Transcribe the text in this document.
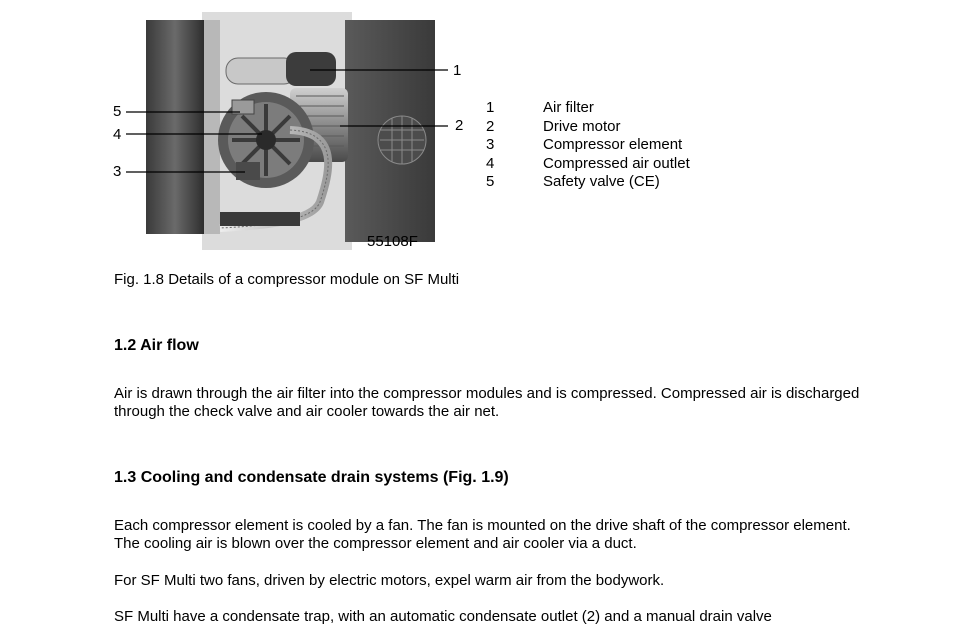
1
2
3
4
5
55108F
1	Air filter
2	Drive motor
3	Compressor element
4	Compressed air outlet
5	Safety valve (CE)
Fig. 1.8 Details of a compressor module on SF Multi
1.2 Air flow
Air is drawn through the air filter into the compressor modules and is compressed. Compressed air is discharged through the check valve and air cooler towards the air net.
1.3 Cooling and condensate drain systems (Fig. 1.9)
Each compressor element is cooled by a fan. The fan is mounted on the drive shaft of the compressor element. The cooling air is blown over the compressor element and air cooler via a duct.
For SF Multi two fans, driven by electric motors, expel warm air from the bodywork.
SF Multi have a condensate trap, with an automatic condensate outlet (2) and a manual drain valve
